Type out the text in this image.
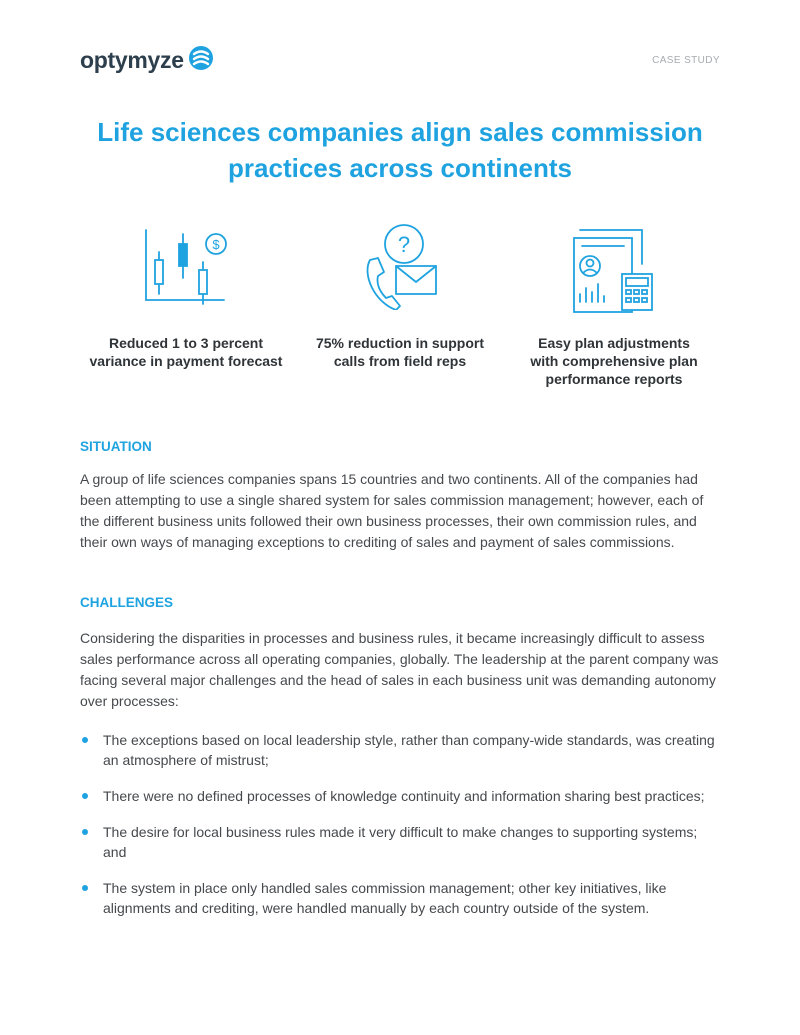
optymyze	CASE STUDY
Life sciences companies align sales commission
practices across continents
$
Reduced 1 to 3 percent
variance in payment forecast
?
75% reduction in support
calls from field reps
Easy plan adjustments
with comprehensive plan
performance reports
SITUATION

A group of life sciences companies spans 15 countries and two continents. All of the companies had been attempting to use a single shared system for sales commission management; however, each of the different business units followed their own business processes, their own commission rules, and their own ways of managing exceptions to crediting of sales and payment of sales commissions.

CHALLENGES

Considering the disparities in processes and business rules, it became increasingly difficult to assess sales performance across all operating companies, globally. The leadership at the parent company was facing several major challenges and the head of sales in each business unit was demanding autonomy over processes:

The exceptions based on local leadership style, rather than company-wide standards, was creating an atmosphere of mistrust;
There were no defined processes of knowledge continuity and information sharing best practices;
The desire for local business rules made it very difficult to make changes to supporting systems; and
The system in place only handled sales commission management; other key initiatives, like alignments and crediting, were handled manually by each country outside of the system.
